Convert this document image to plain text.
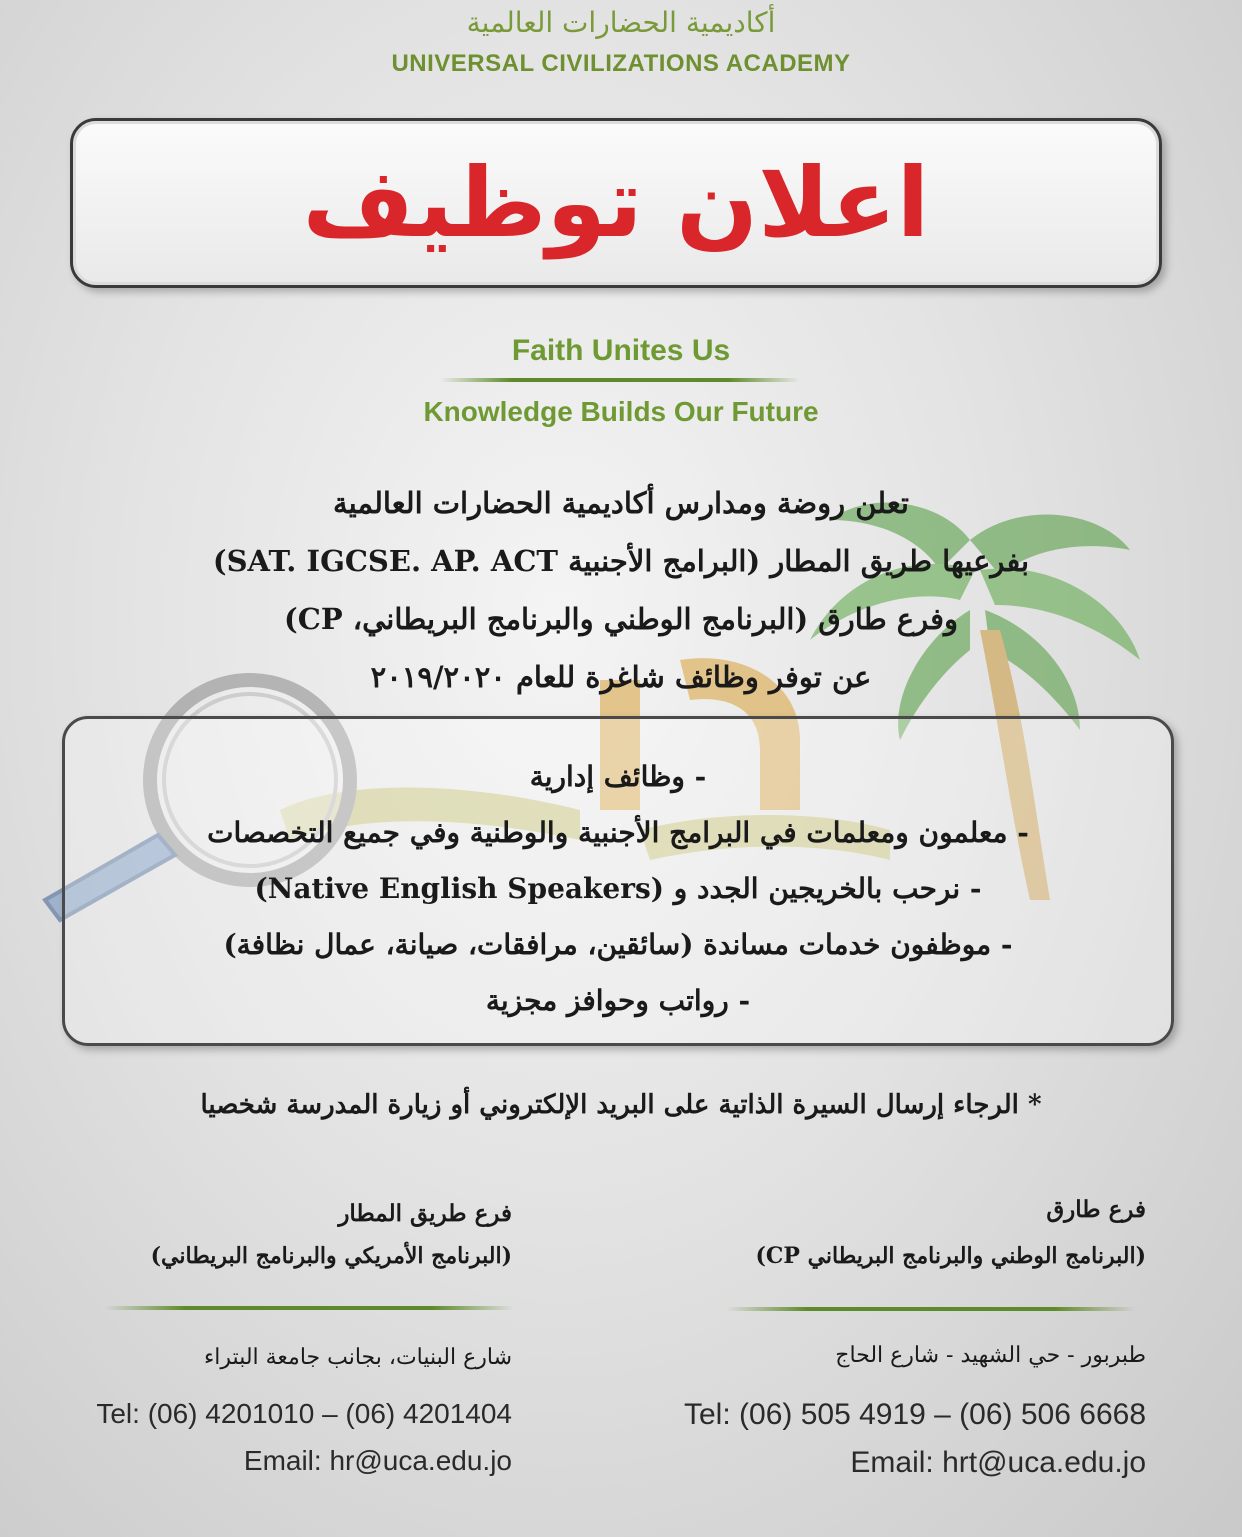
أكاديمية الحضارات العالمية
UNIVERSAL CIVILIZATIONS ACADEMY
اعلان توظيف
Faith Unites Us
Knowledge Builds Our Future
تعلن روضة ومدارس أكاديمية الحضارات العالمية
بفرعيها طريق المطار (البرامج الأجنبية SAT. IGCSE. AP. ACT)
وفرع طارق (البرنامج الوطني والبرنامج البريطاني، CP)
عن توفر وظائف شاغرة للعام ٢٠١٩/٢٠٢٠
- وظائف إدارية
- معلمون ومعلمات في البرامج الأجنبية والوطنية وفي جميع التخصصات
- نرحب بالخريجين الجدد و (Native English Speakers)
- موظفون خدمات مساندة (سائقين، مرافقات، صيانة، عمال نظافة)
- رواتب وحوافز مجزية
* الرجاء إرسال السيرة الذاتية على البريد الإلكتروني أو زيارة المدرسة شخصيا
فرع طارق
(البرنامج الوطني والبرنامج البريطاني CP)
طبربور - حي الشهيد - شارع الحاج
Tel: (06) 505 4919 – (06) 506 6668
Email: hrt@uca.edu.jo
فرع طريق المطار
(البرنامج الأمريكي والبرنامج البريطاني)
شارع البنيات، بجانب جامعة البتراء
Tel: (06) 4201010 – (06) 4201404
Email: hr@uca.edu.jo
